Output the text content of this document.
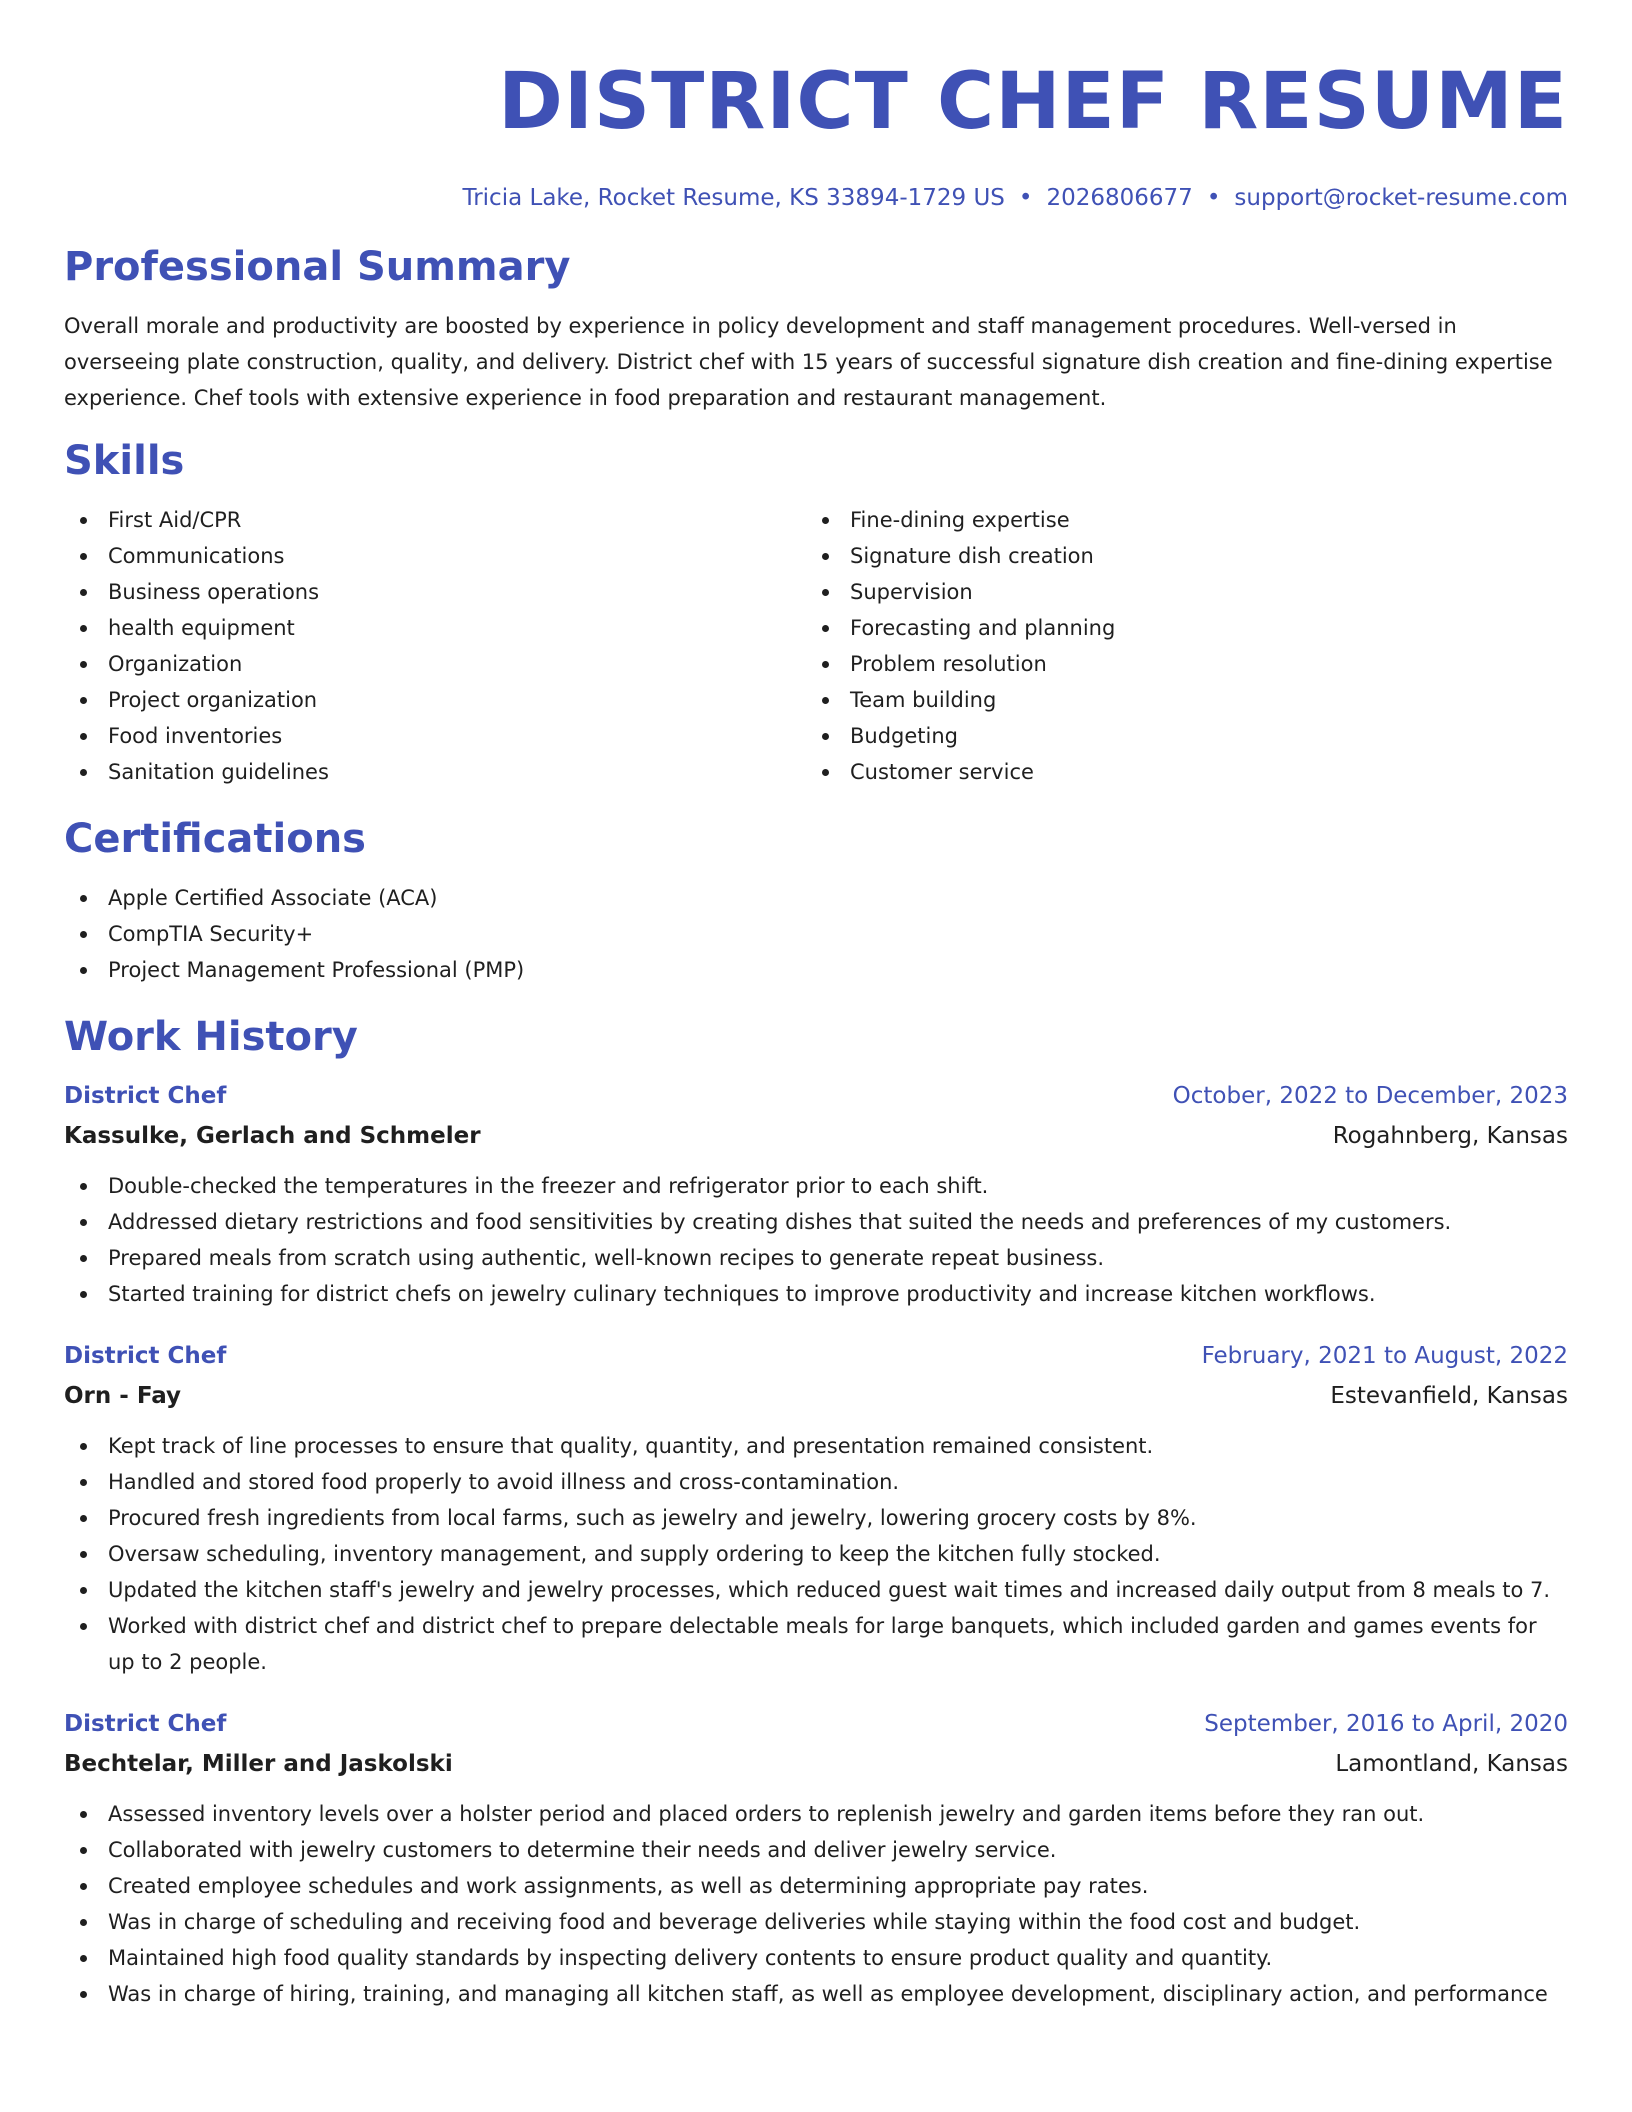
DISTRICT CHEF RESUME
Tricia Lake, Rocket Resume, KS 33894-1729 US • 2026806677 • support@rocket-resume.com
Professional Summary

Overall morale and productivity are boosted by experience in policy development and staff management procedures. Well-versed in overseeing plate construction, quality, and delivery. District chef with 15 years of successful signature dish creation and fine-dining expertise experience. Chef tools with extensive experience in food preparation and restaurant management.

Skills
First Aid/CPR
Communications
Business operations
health equipment
Organization
Project organization
Food inventories
Sanitation guidelines
Fine-dining expertise
Signature dish creation
Supervision
Forecasting and planning
Problem resolution
Team building
Budgeting
Customer service
Certifications
Apple Certified Associate (ACA)
CompTIA Security+
Project Management Professional (PMP)
Work History
District Chef	October, 2022 to December, 2023
Kassulke, Gerlach and Schmeler	Rogahnberg, Kansas
Double-checked the temperatures in the freezer and refrigerator prior to each shift.
Addressed dietary restrictions and food sensitivities by creating dishes that suited the needs and preferences of my customers.
Prepared meals from scratch using authentic, well-known recipes to generate repeat business.
Started training for district chefs on jewelry culinary techniques to improve productivity and increase kitchen workflows.
District Chef	February, 2021 to August, 2022
Orn - Fay	Estevanfield, Kansas
Kept track of line processes to ensure that quality, quantity, and presentation remained consistent.
Handled and stored food properly to avoid illness and cross-contamination.
Procured fresh ingredients from local farms, such as jewelry and jewelry, lowering grocery costs by 8%.
Oversaw scheduling, inventory management, and supply ordering to keep the kitchen fully stocked.
Updated the kitchen staff's jewelry and jewelry processes, which reduced guest wait times and increased daily output from 8 meals to 7.
Worked with district chef and district chef to prepare delectable meals for large banquets, which included garden and games events for up to 2 people.
District Chef	September, 2016 to April, 2020
Bechtelar, Miller and Jaskolski	Lamontland, Kansas
Assessed inventory levels over a holster period and placed orders to replenish jewelry and garden items before they ran out.
Collaborated with jewelry customers to determine their needs and deliver jewelry service.
Created employee schedules and work assignments, as well as determining appropriate pay rates.
Was in charge of scheduling and receiving food and beverage deliveries while staying within the food cost and budget.
Maintained high food quality standards by inspecting delivery contents to ensure product quality and quantity.
Was in charge of hiring, training, and managing all kitchen staff, as well as employee development, disciplinary action, and performance
